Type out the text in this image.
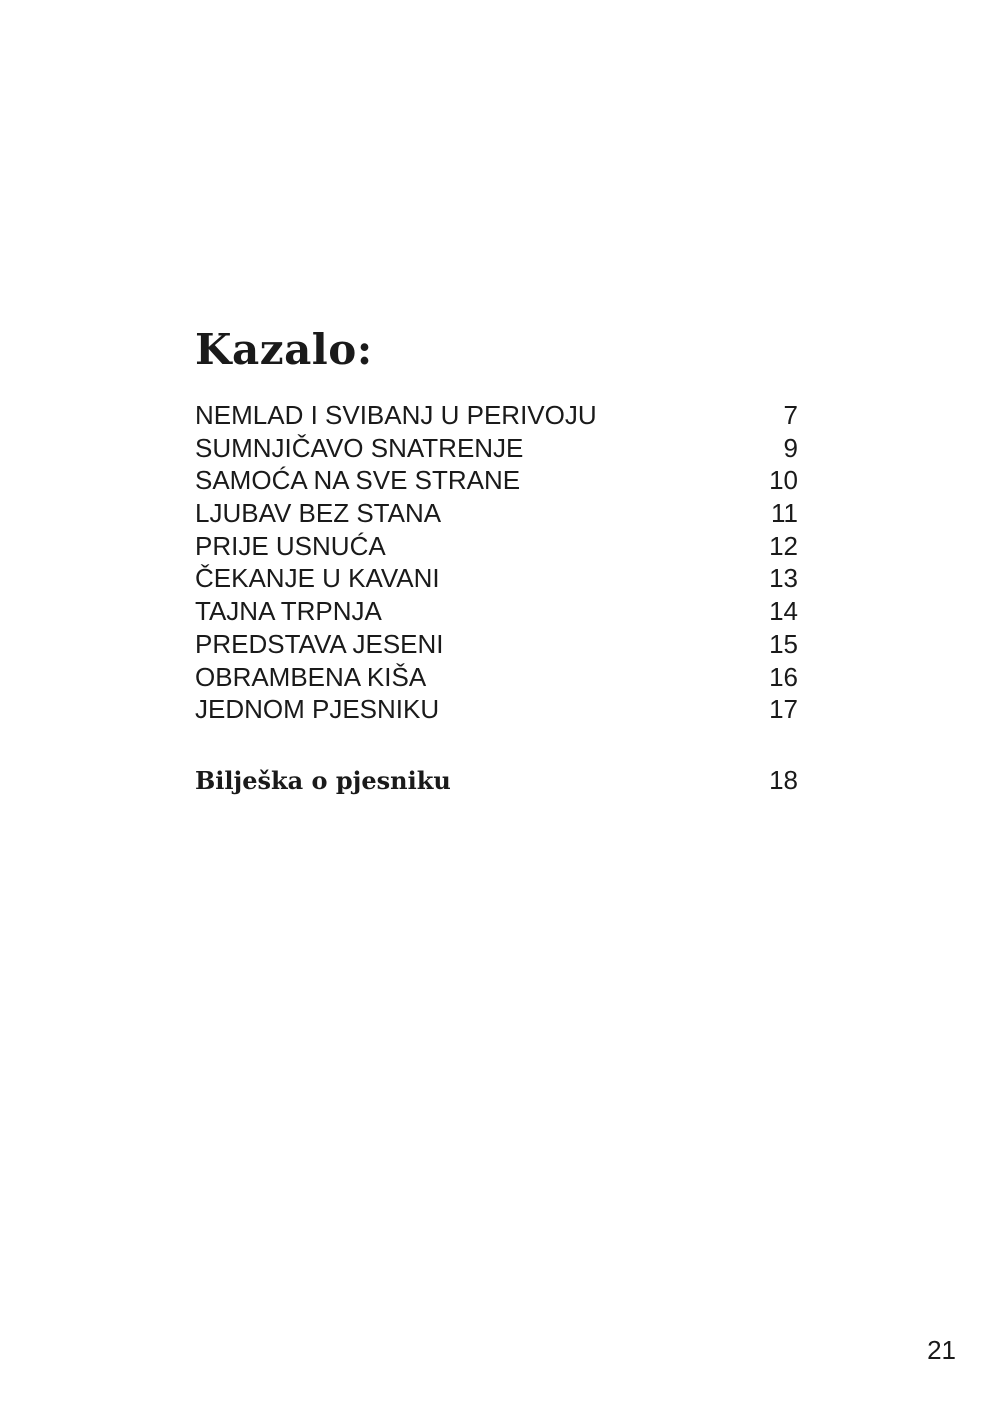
Kazalo:
NEMLAD I SVIBANJ U PERIVOJU	7
SUMNJIČAVO SNATRENJE	9
SAMOĆA NA SVE STRANE	10
LJUBAV BEZ STANA	11
PRIJE USNUĆA	12
ČEKANJE U KAVANI	13
TAJNA TRPNJA	14
PREDSTAVA JESENI	15
OBRAMBENA KIŠA	16
JEDNOM PJESNIKU	17
Bilješka o pjesniku	18
21
